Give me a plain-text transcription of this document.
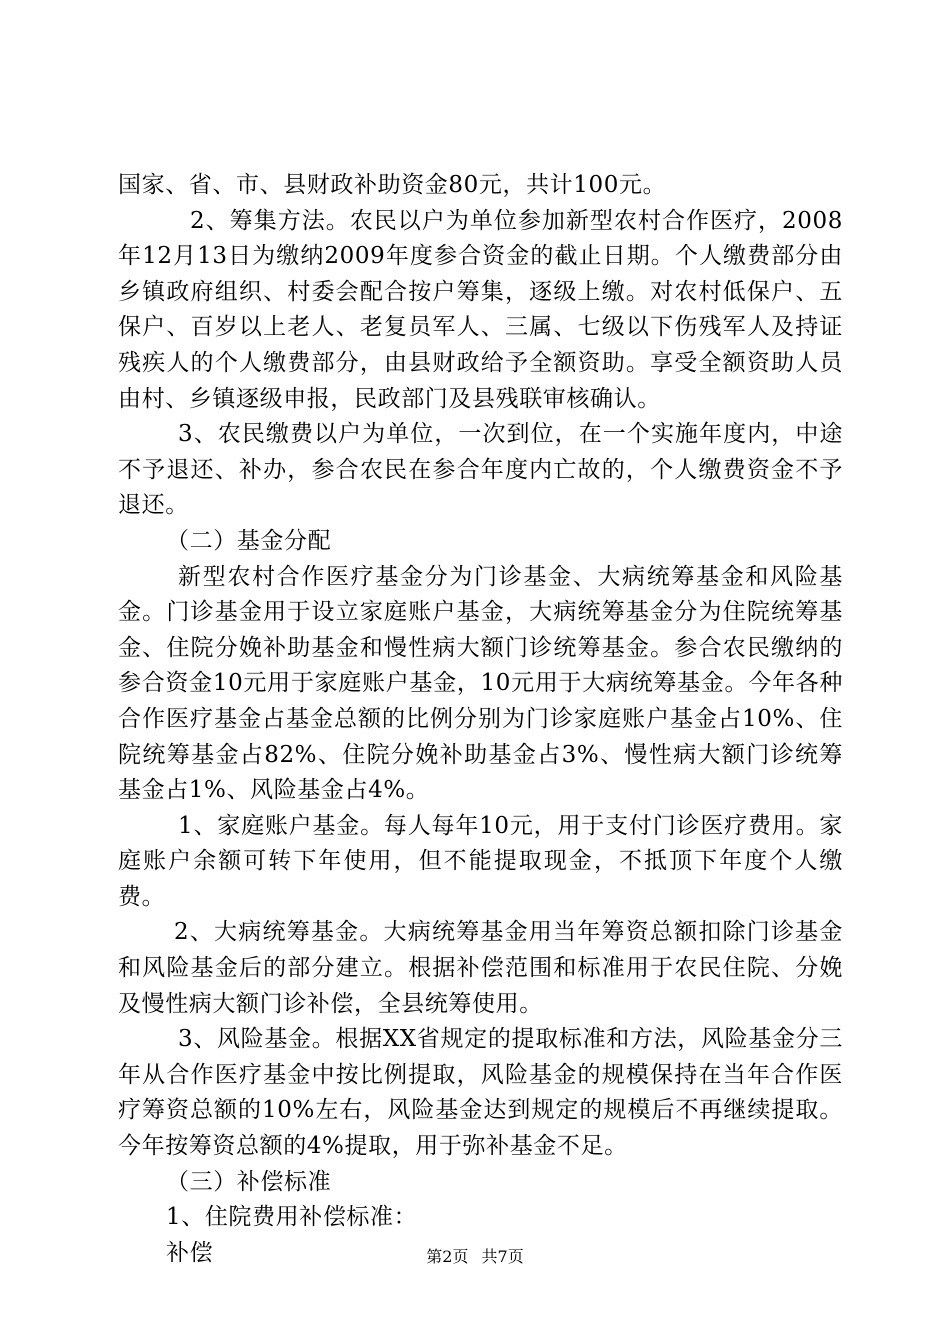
国家、省、市、县财政补助资金80元，共计100元。

2、筹集方法。农民以户为单位参加新型农村合作医疗，2008年12月13日为缴纳2009年度参合资金的截止日期。个人缴费部分由乡镇政府组织、村委会配合按户筹集，逐级上缴。对农村低保户、五保户、百岁以上老人、老复员军人、三属、七级以下伤残军人及持证残疾人的个人缴费部分，由县财政给予全额资助。享受全额资助人员由村、乡镇逐级申报，民政部门及县残联审核确认。

3、农民缴费以户为单位，一次到位，在一个实施年度内，中途不予退还、补办，参合农民在参合年度内亡故的，个人缴费资金不予退还。

（二）基金分配

新型农村合作医疗基金分为门诊基金、大病统筹基金和风险基金。门诊基金用于设立家庭账户基金，大病统筹基金分为住院统筹基金、住院分娩补助基金和慢性病大额门诊统筹基金。参合农民缴纳的参合资金10元用于家庭账户基金，10元用于大病统筹基金。今年各种合作医疗基金占基金总额的比例分别为门诊家庭账户基金占10%、住院统筹基金占82%、住院分娩补助基金占3%、慢性病大额门诊统筹基金占1%、风险基金占4%。

1、家庭账户基金。每人每年10元，用于支付门诊医疗费用。家庭账户余额可转下年使用，但不能提取现金，不抵顶下年度个人缴费。

2、大病统筹基金。大病统筹基金用当年筹资总额扣除门诊基金和风险基金后的部分建立。根据补偿范围和标准用于农民住院、分娩及慢性病大额门诊补偿，全县统筹使用。

3、风险基金。根据XX省规定的提取标准和方法，风险基金分三年从合作医疗基金中按比例提取，风险基金的规模保持在当年合作医疗筹资总额的10%左右，风险基金达到规定的规模后不再继续提取。今年按筹资总额的4%提取，用于弥补基金不足。

（三）补偿标准

1、住院费用补偿标准：

补偿	第2页 共7页
